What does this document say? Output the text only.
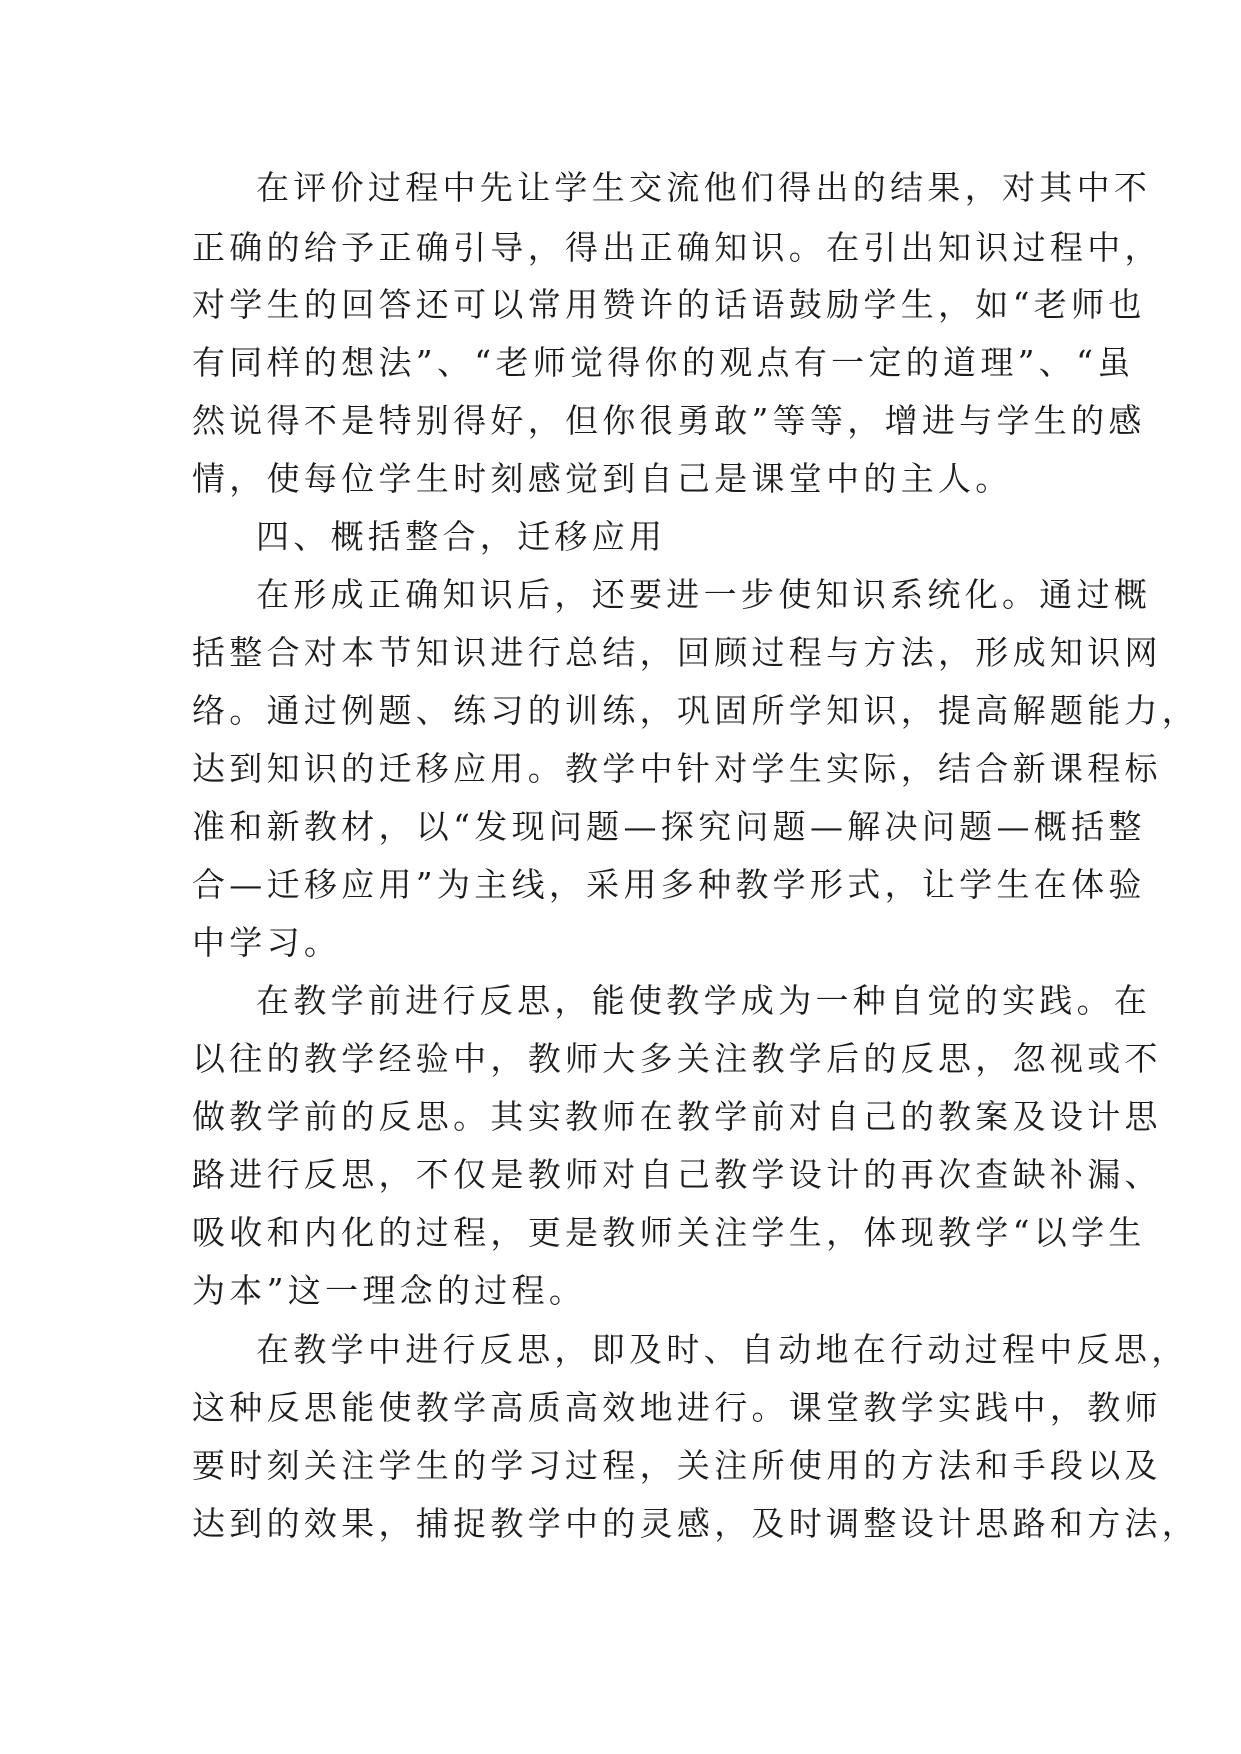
在评价过程中先让学生交流他们得出的结果，对其中不

正确的给予正确引导，得出正确知识。在引出知识过程中，

对学生的回答还可以常用赞许的话语鼓励学生，如“老师也

有同样的想法”、“老师觉得你的观点有一定的道理”、“虽

然说得不是特别得好，但你很勇敢”等等，增进与学生的感

情，使每位学生时刻感觉到自己是课堂中的主人。

四、概括整合，迁移应用

在形成正确知识后，还要进一步使知识系统化。通过概

括整合对本节知识进行总结，回顾过程与方法，形成知识网

络。通过例题、练习的训练，巩固所学知识，提高解题能力，

达到知识的迁移应用。教学中针对学生实际，结合新课程标

准和新教材，以“发现问题—探究问题—解决问题—概括整

合—迁移应用”为主线，采用多种教学形式，让学生在体验

中学习。

在教学前进行反思，能使教学成为一种自觉的实践。在

以往的教学经验中，教师大多关注教学后的反思，忽视或不

做教学前的反思。其实教师在教学前对自己的教案及设计思

路进行反思，不仅是教师对自己教学设计的再次查缺补漏、

吸收和内化的过程，更是教师关注学生，体现教学“以学生

为本”这一理念的过程。

在教学中进行反思，即及时、自动地在行动过程中反思，

这种反思能使教学高质高效地进行。课堂教学实践中，教师

要时刻关注学生的学习过程，关注所使用的方法和手段以及

达到的效果，捕捉教学中的灵感，及时调整设计思路和方法，
